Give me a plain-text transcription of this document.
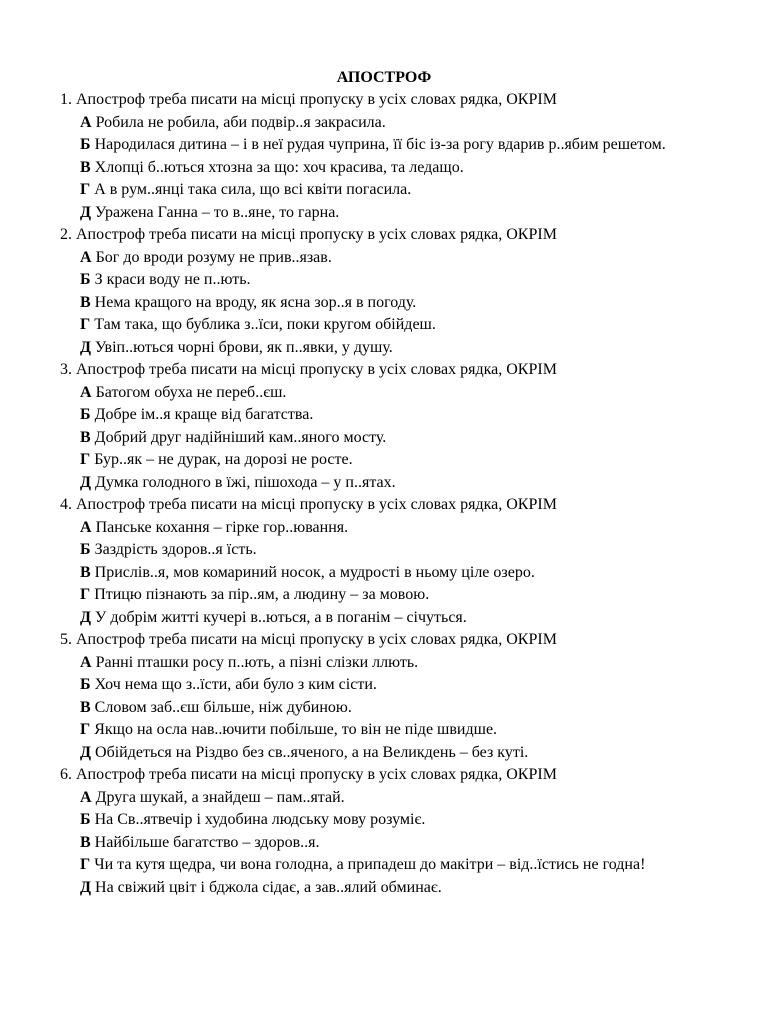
АПОСТРОФ
1. Апостроф треба писати на місці пропуску в усіх словах рядка, ОКРІМ
А Робила не робила, аби подвір..я закрасила.
Б Народилася дитина – і в неї рудая чуприна, її біс із-за рогу вдарив р..ябим решетом.
В Хлопці б..ються хтозна за що: хоч красива, та ледащо.
Г А в рум..янці така сила, що всі квіти погасила.
Д Уражена Ганна – то в..яне, то гарна.
2. Апостроф треба писати на місці пропуску в усіх словах рядка, ОКРІМ
А Бог до вроди розуму не прив..язав.
Б З краси воду не п..ють.
В Нема кращого на вроду, як ясна зор..я в погоду.
Г Там така, що бублика з..їси, поки кругом обійдеш.
Д Увіп..ються чорні брови, як п..явки, у душу.
3. Апостроф треба писати на місці пропуску в усіх словах рядка, ОКРІМ
А Батогом обуха не переб..єш.
Б Добре ім..я краще від багатства.
В Добрий друг надійніший кам..яного мосту.
Г Бур..як – не дурак, на дорозі не росте.
Д Думка голодного в їжі, пішохода – у п..ятах.
4. Апостроф треба писати на місці пропуску в усіх словах рядка, ОКРІМ
А Панське кохання – гірке гор..ювання.
Б Заздрість здоров..я їсть.
В Прислів..я, мов комариний носок, а мудрості в ньому ціле озеро.
Г Птицю пізнають за пір..ям, а людину – за мовою.
Д У добрім житті кучері в..ються, а в поганім – січуться.
5. Апостроф треба писати на місці пропуску в усіх словах рядка, ОКРІМ
А Ранні пташки росу п..ють, а пізні слізки ллють.
Б Хоч нема що з..їсти, аби було з ким сісти.
В Словом заб..єш більше, ніж дубиною.
Г Якщо на осла нав..ючити побільше, то він не піде швидше.
Д Обійдеться на Різдво без св..яченого, а на Великдень – без куті.
6. Апостроф треба писати на місці пропуску в усіх словах рядка, ОКРІМ
А Друга шукай, а знайдеш – пам..ятай.
Б На Св..ятвечір і худобина людську мову розуміє.
В Найбільше багатство – здоров..я.
Г Чи та кутя щедра, чи вона голодна, а припадеш до макітри – від..їстись не годна!
Д На свіжий цвіт і бджола сідає, а зав..ялий обминає.
